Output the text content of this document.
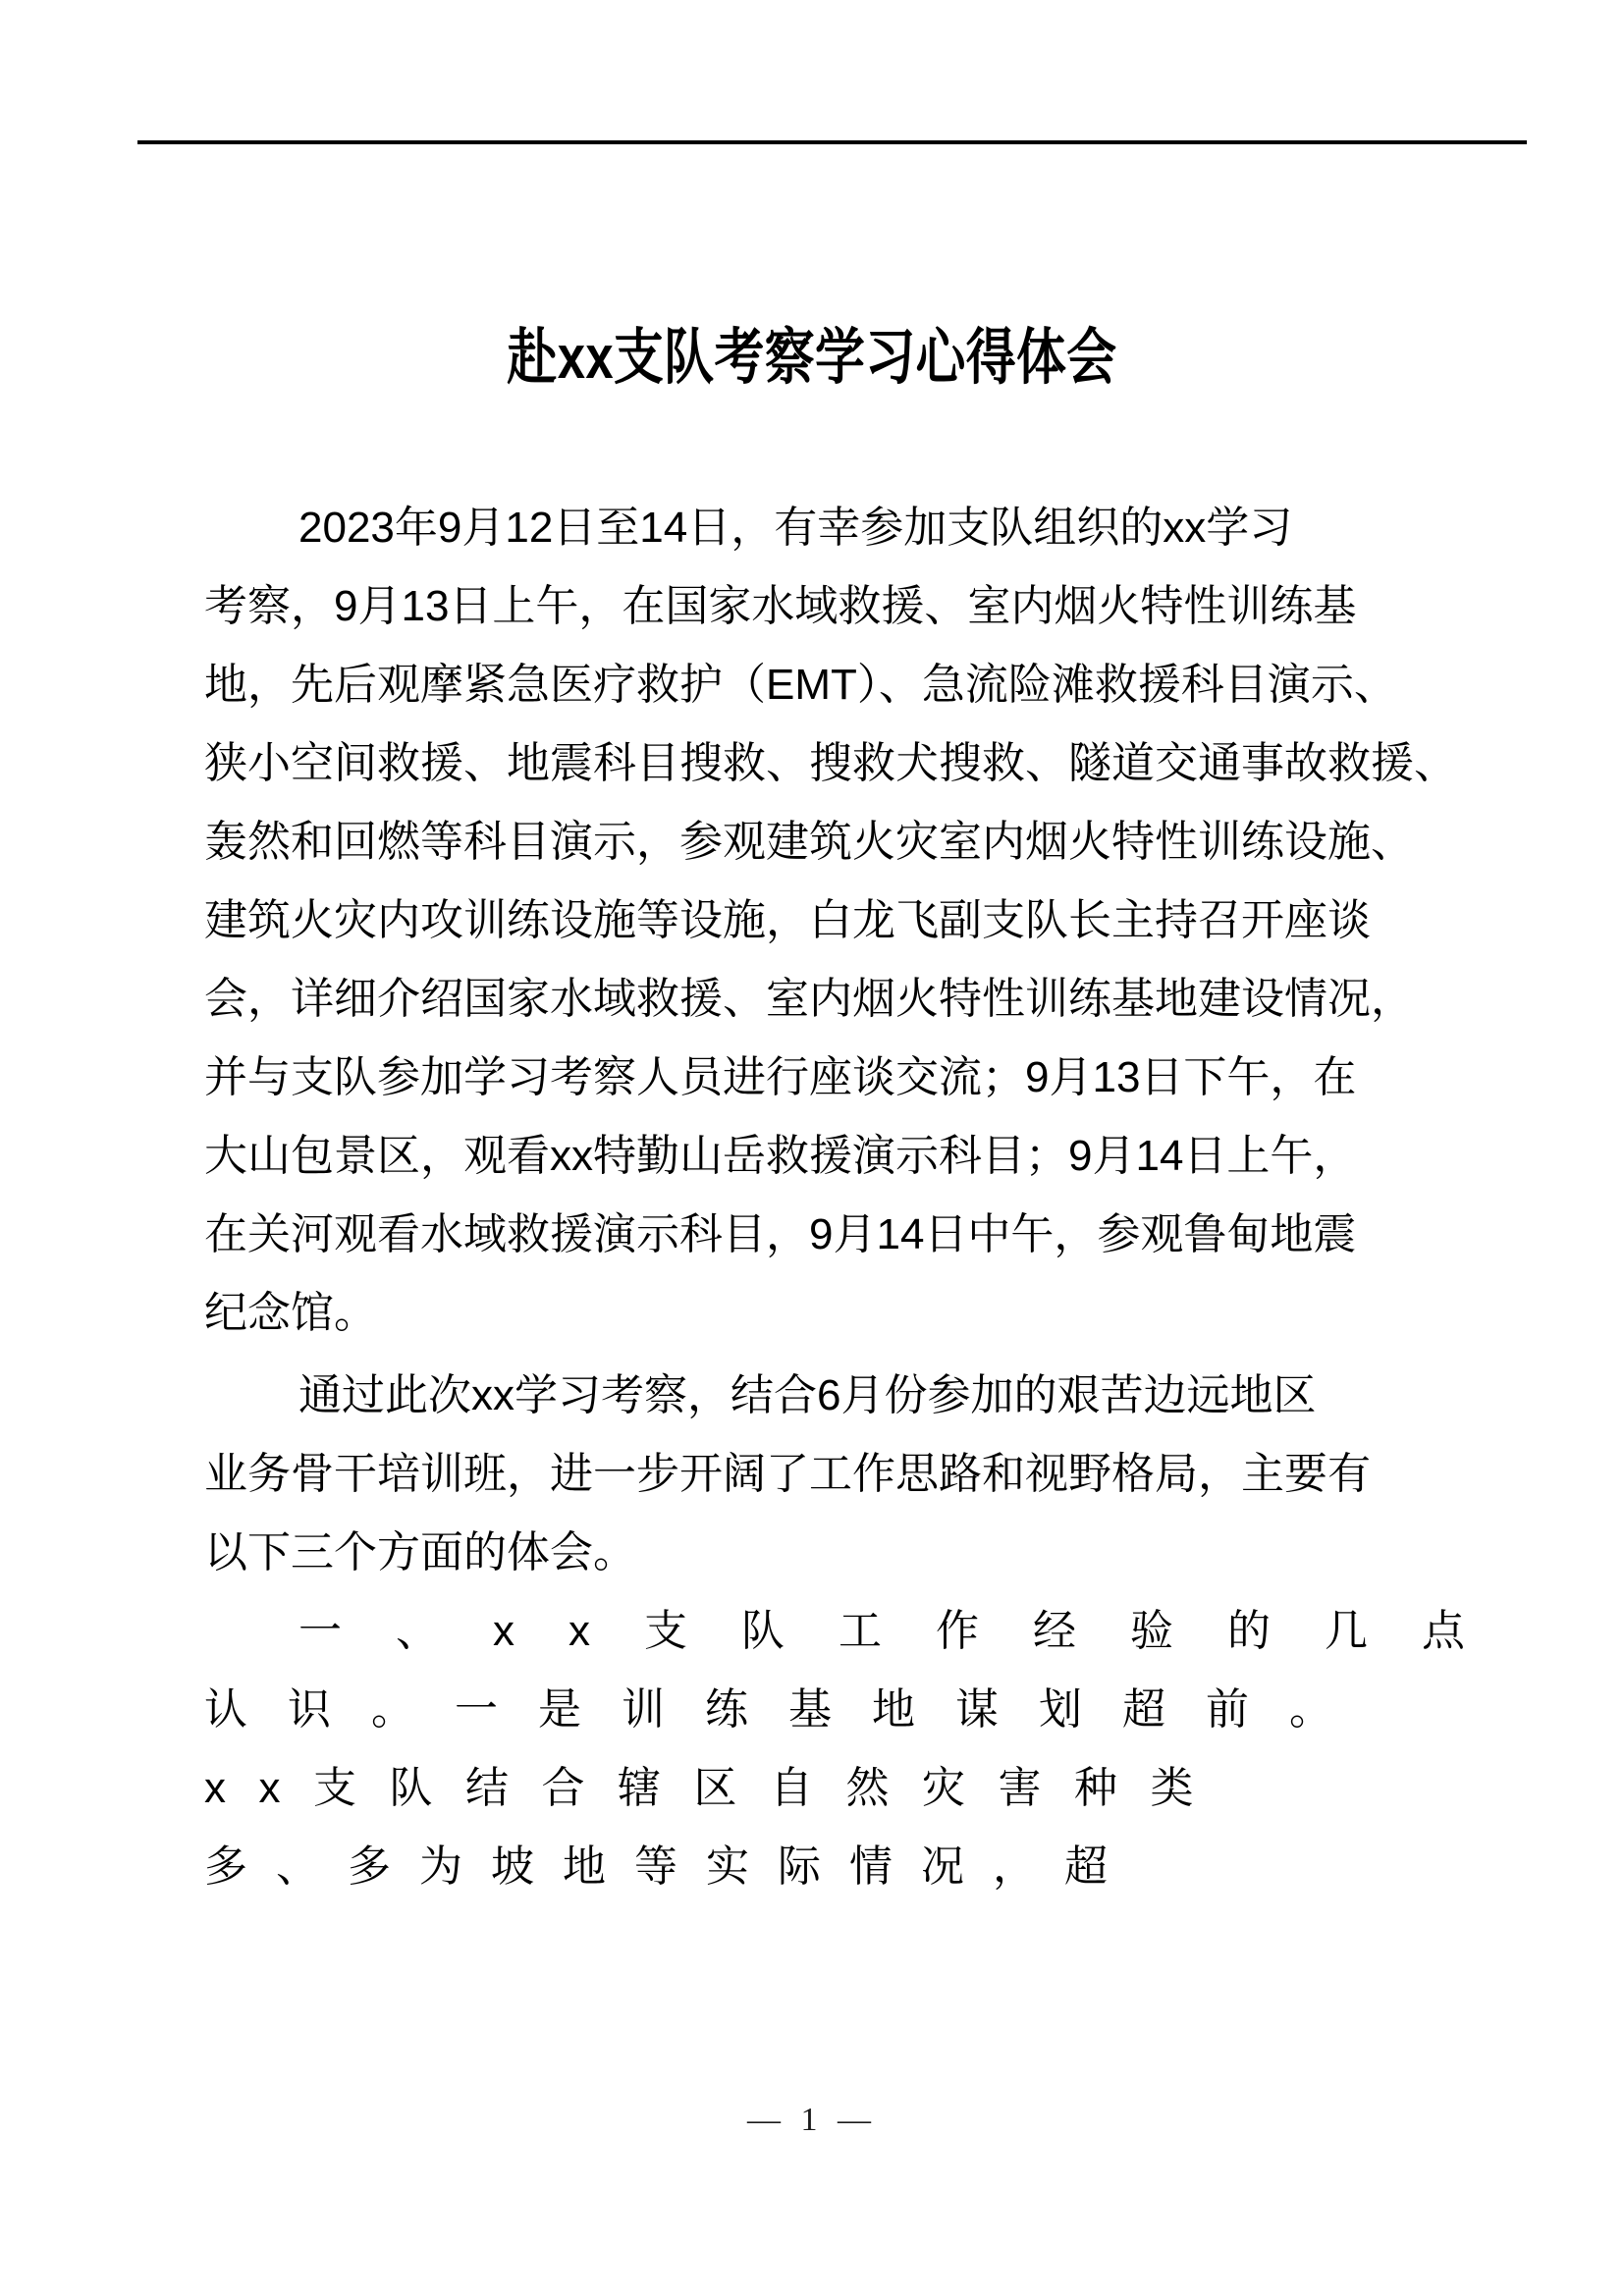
赴xx支队考察学习心得体会

2023年9月12日至14日，有幸参加支队组织的xx学习
考察，9月13日上午，在国家水域救援、室内烟火特性训练基
地，先后观摩紧急医疗救护（EMT）、急流险滩救援科目演示、
狭小空间救援、地震科目搜救、搜救犬搜救、隧道交通事故救援、
轰然和回燃等科目演示，参观建筑火灾室内烟火特性训练设施、
建筑火灾内攻训练设施等设施，白龙飞副支队长主持召开座谈
会，详细介绍国家水域救援、室内烟火特性训练基地建设情况，
并与支队参加学习考察人员进行座谈交流；9月13日下午，在
大山包景区，观看xx特勤山岳救援演示科目；9月14日上午，
在关河观看水域救援演示科目，9月14日中午，参观鲁甸地震
纪念馆。

通过此次xx学习考察，结合6月份参加的艰苦边远地区
业务骨干培训班，进一步开阔了工作思路和视野格局，主要有
以下三个方面的体会。

一、xx支队工作经验的几点
认识。一是训练基地谋划超前。
xx支队结合辖区自然灾害种类
多、多为坡地等实际情况，超

— 1 —
